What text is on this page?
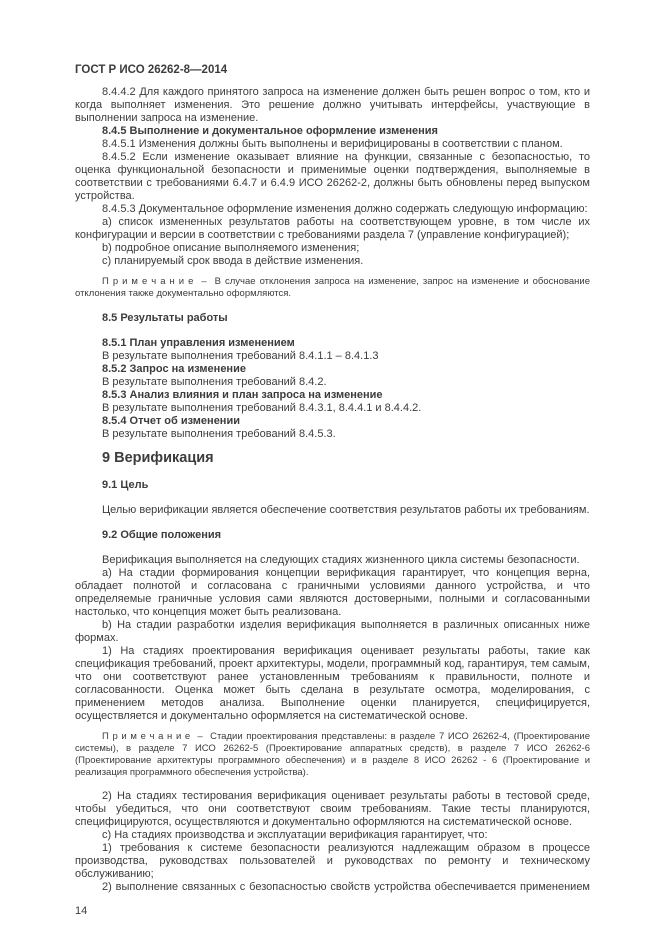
ГОСТ Р ИСО 26262-8—2014

8.4.4.2 Для каждого принятого запроса на изменение должен быть решен вопрос о том, кто и когда выполняет изменения. Это решение должно учитывать интерфейсы, участвующие в выполнении запроса на изменение.

8.4.5 Выполнение и документальное оформление изменения

8.4.5.1 Изменения должны быть выполнены и верифицированы в соответствии с планом.

8.4.5.2 Если изменение оказывает влияние на функции, связанные с безопасностью, то оценка функциональной безопасности и применимые оценки подтверждения, выполняемые в соответствии с требованиями 6.4.7 и 6.4.9 ИСО 26262-2, должны быть обновлены перед выпуском устройства.

8.4.5.3 Документальное оформление изменения должно содержать следующую информацию:

a) список измененных результатов работы на соответствующем уровне, в том числе их конфигурации и версии в соответствии с требованиями раздела 7 (управление конфигурацией);

b) подробное описание выполняемого изменения;

c) планируемый срок ввода в действие изменения.

П р и м е ч а н и е  –  В случае отклонения запроса на изменение, запрос на изменение и обоснование отклонения также документально оформляются.

8.5 Результаты работы

8.5.1 План управления изменением

В результате выполнения требований 8.4.1.1 – 8.4.1.3

8.5.2 Запрос на изменение

В результате выполнения требований 8.4.2.

8.5.3 Анализ влияния и план запроса на изменение

В результате выполнения требований 8.4.3.1, 8.4.4.1 и 8.4.4.2.

8.5.4 Отчет об изменении

В результате выполнения требований 8.4.5.3.

9 Верификация

9.1 Цель

Целью верификации является обеспечение соответствия результатов работы их требованиям.

9.2 Общие положения

Верификация выполняется на следующих стадиях жизненного цикла системы безопасности.

a) На стадии формирования концепции верификация гарантирует, что концепция верна, обладает полнотой и согласована с граничными условиями данного устройства, и что определяемые граничные условия сами являются достоверными, полными и согласованными настолько, что концепция может быть реализована.

b) На стадии разработки изделия верификация выполняется в различных описанных ниже формах.

1) На стадиях проектирования верификация оценивает результаты работы, такие как спецификация требований, проект архитектуры, модели, программный код, гарантируя, тем самым, что они соответствуют ранее установленным требованиям к правильности, полноте и согласованности. Оценка может быть сделана в результате осмотра, моделирования, с применением методов анализа. Выполнение оценки планируется, специфицируется, осуществляется и документально оформляется на систематической основе.

П р и м е ч а н и е  –  Стадии проектирования представлены: в разделе 7 ИСО 26262-4, (Проектирование системы), в разделе 7 ИСО 26262-5 (Проектирование аппаратных средств), в разделе 7 ИСО 26262-6 (Проектирование архитектуры программного обеспечения) и в разделе 8 ИСО 26262 - 6 (Проектирование и реализация программного обеспечения устройства).

2) На стадиях тестирования верификация оценивает результаты работы в тестовой среде, чтобы убедиться, что они соответствуют своим требованиям. Такие тесты планируются, специфицируются, осуществляются и документально оформляются на систематической основе.

c) На стадиях производства и эксплуатации верификация гарантирует, что:

1) требования к системе безопасности реализуются надлежащим образом в процессе производства, руководствах пользователей и руководствах по ремонту и техническому обслуживанию;

2) выполнение связанных с безопасностью свойств устройства обеспечивается применением

14
